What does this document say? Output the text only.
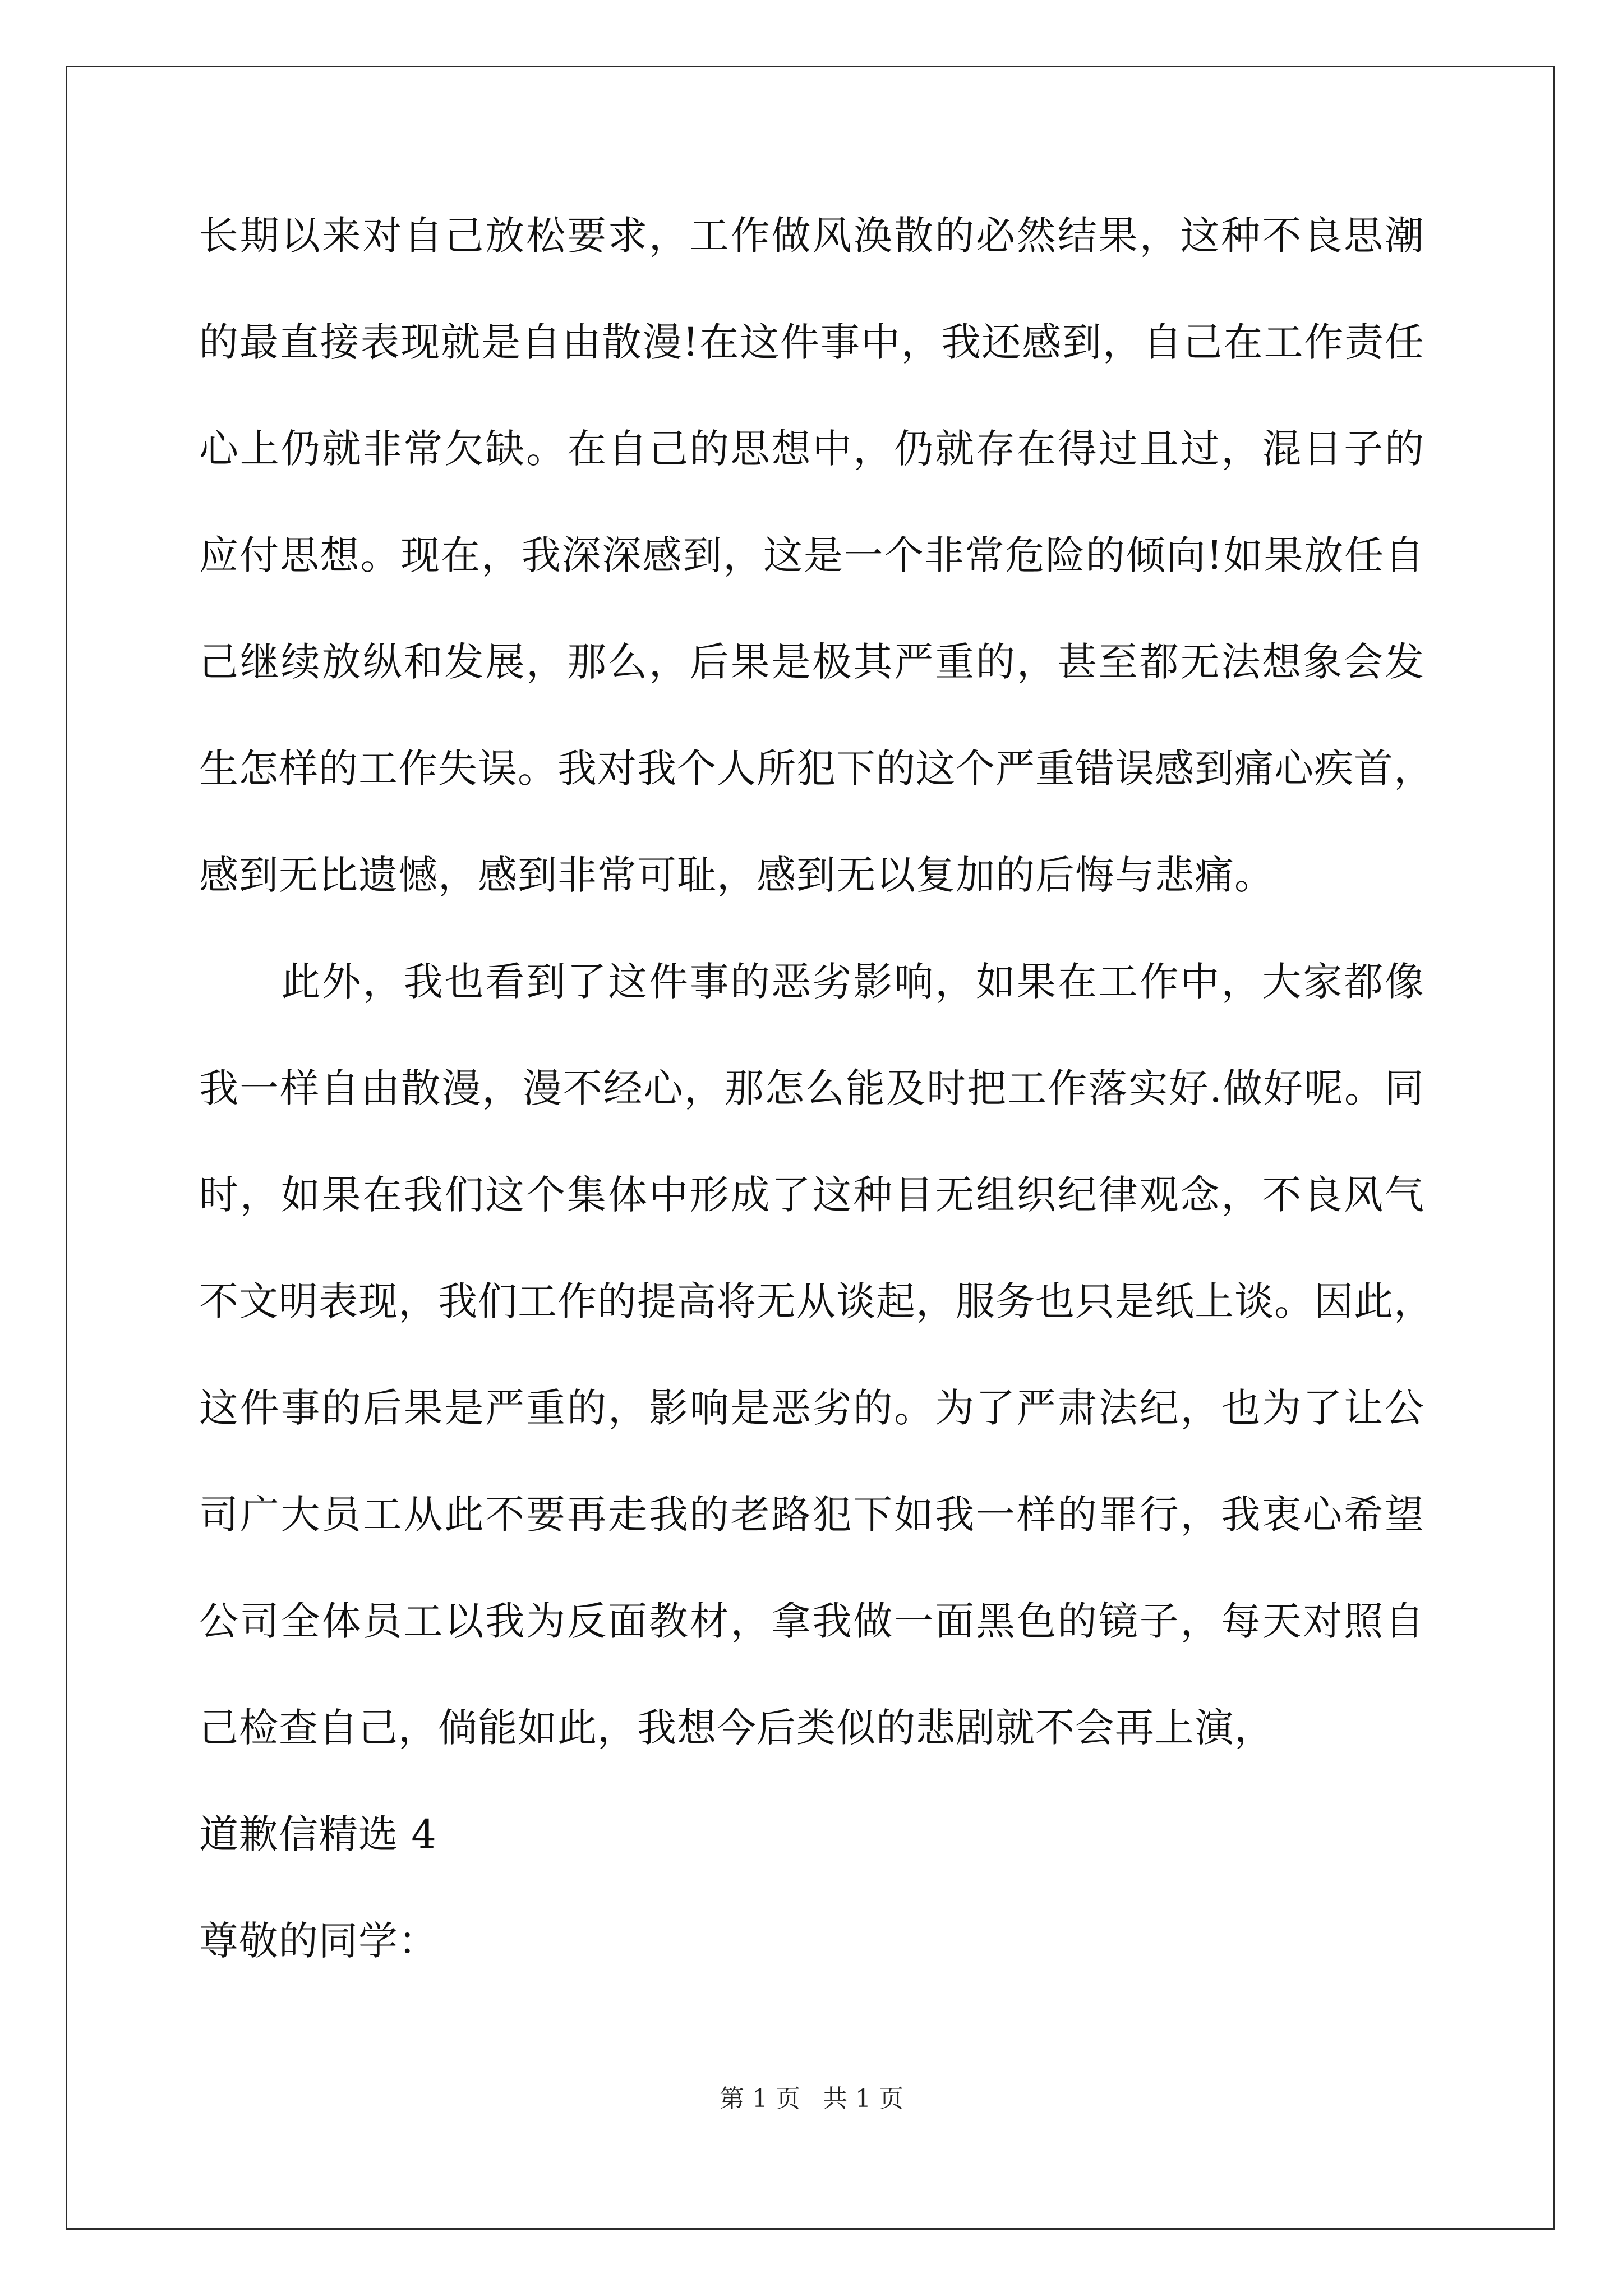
长期以来对自己放松要求，工作做风涣散的必然结果，这种不良思潮
的最直接表现就是自由散漫!在这件事中，我还感到，自己在工作责任
心上仍就非常欠缺。在自己的思想中，仍就存在得过且过，混日子的
应付思想。现在，我深深感到，这是一个非常危险的倾向!如果放任自
己继续放纵和发展，那么，后果是极其严重的，甚至都无法想象会发
生怎样的工作失误。我对我个人所犯下的这个严重错误感到痛心疾首，
感到无比遗憾，感到非常可耻，感到无以复加的后悔与悲痛。
此外，我也看到了这件事的恶劣影响，如果在工作中，大家都像
我一样自由散漫，漫不经心，那怎么能及时把工作落实好.做好呢。同
时，如果在我们这个集体中形成了这种目无组织纪律观念，不良风气
不文明表现，我们工作的提高将无从谈起，服务也只是纸上谈。因此，
这件事的后果是严重的，影响是恶劣的。为了严肃法纪，也为了让公
司广大员工从此不要再走我的老路犯下如我一样的罪行，我衷心希望
公司全体员工以我为反面教材，拿我做一面黑色的镜子，每天对照自
己检查自己，倘能如此，我想今后类似的悲剧就不会再上演，
道歉信精选 4
尊敬的同学：
第 1 页 共 1 页
